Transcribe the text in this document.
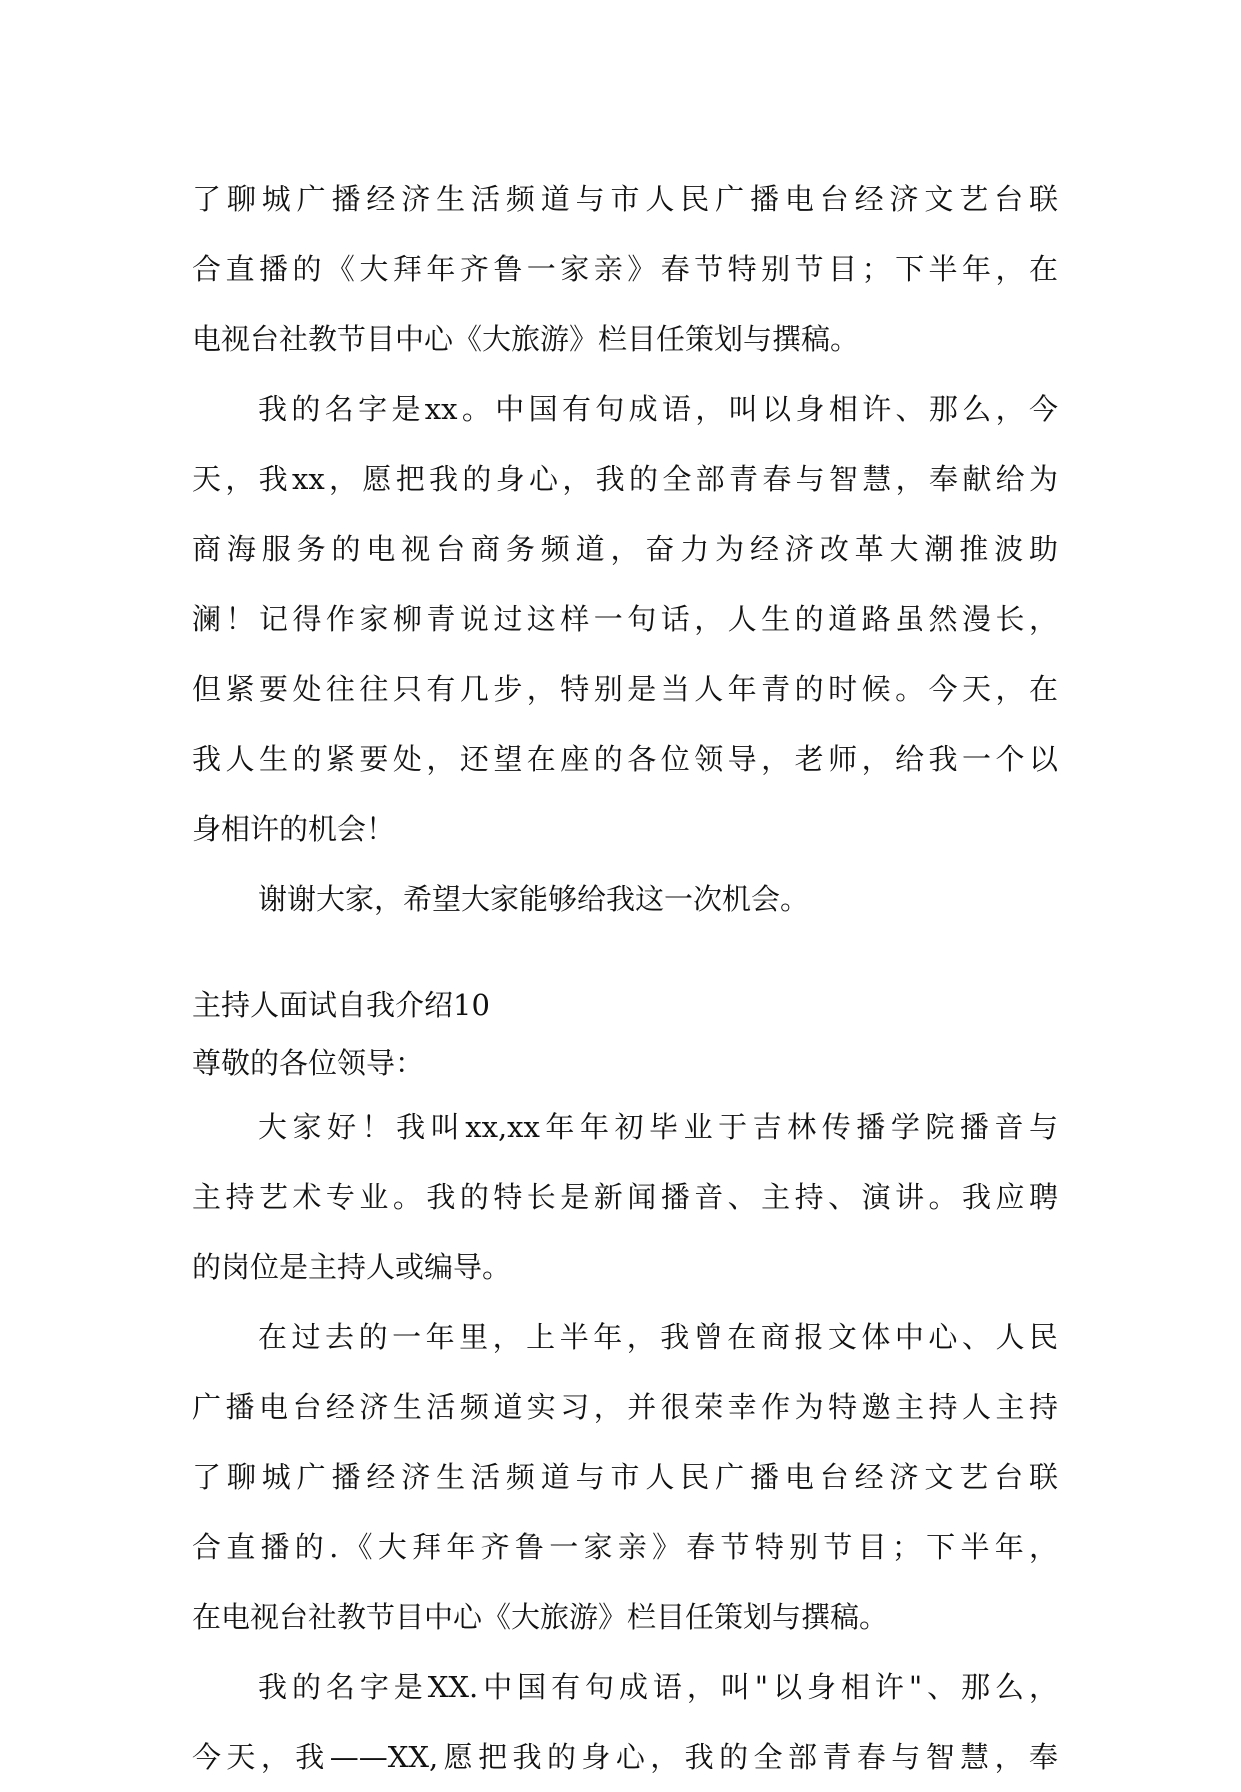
了聊城广播经济生活频道与市人民广播电台经济文艺台联
合直播的《大拜年齐鲁一家亲》春节特别节目；下半年，在
电视台社教节目中心《大旅游》栏目任策划与撰稿。
我的名字是xx。中国有句成语，叫以身相许、那么，今
天，我xx，愿把我的身心，我的全部青春与智慧，奉献给为
商海服务的电视台商务频道，奋力为经济改革大潮推波助
澜！记得作家柳青说过这样一句话，人生的道路虽然漫长，
但紧要处往往只有几步，特别是当人年青的时候。今天，在
我人生的紧要处，还望在座的各位领导，老师，给我一个以
身相许的机会！
谢谢大家，希望大家能够给我这一次机会。
主持人面试自我介绍10
尊敬的各位领导：
大家好！我叫xx,xx年年初毕业于吉林传播学院播音与
主持艺术专业。我的特长是新闻播音、主持、演讲。我应聘
的岗位是主持人或编导。
在过去的一年里，上半年，我曾在商报文体中心、人民
广播电台经济生活频道实习，并很荣幸作为特邀主持人主持
了聊城广播经济生活频道与市人民广播电台经济文艺台联
合直播的.《大拜年齐鲁一家亲》春节特别节目；下半年，
在电视台社教节目中心《大旅游》栏目任策划与撰稿。
我的名字是XX.中国有句成语，叫"以身相许"、那么，
今天，我——XX,愿把我的身心，我的全部青春与智慧，奉
